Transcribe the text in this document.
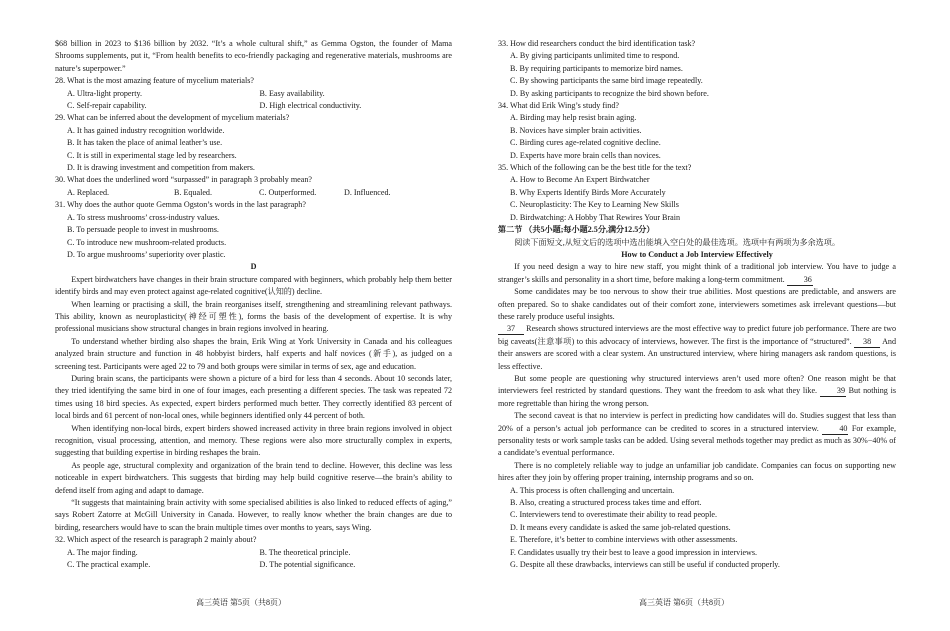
$68 billion in 2023 to $136 billion by 2032. “It’s a whole cultural shift,” as Gemma Ogston, the founder of Mama Shrooms supplements, put it, “From health benefits to eco-friendly packaging and regenerative materials, mushrooms are nature’s superpower.”

28. What is the most amazing feature of mycelium materials?

A. Ultra-light property.	B. Easy availability.
C. Self-repair capability.	D. High electrical conductivity.

29. What can be inferred about the development of mycelium materials?

A. It has gained industry recognition worldwide.

B. It has taken the place of animal leather’s use.

C. It is still in experimental stage led by researchers.

D. It is drawing investment and competition from makers.

30. What does the underlined word “surpassed” in paragraph 3 probably mean?

A. Replaced.	B. Equaled.	C. Outperformed.	D. Influenced.

31. Why does the author quote Gemma Ogston’s words in the last paragraph?

A. To stress mushrooms’ cross-industry values.

B. To persuade people to invest in mushrooms.

C. To introduce new mushroom-related products.

D. To argue mushrooms’ superiority over plastic.

D

Expert birdwatchers have changes in their brain structure compared with beginners, which probably help them better identify birds and may even protect against age-related cognitive(认知的) decline.

When learning or practising a skill, the brain reorganises itself, strengthening and streamlining relevant pathways. This ability, known as neuroplasticity(神经可塑性), forms the basis of the development of expertise. It is why professional musicians show structural changes in brain regions involved in hearing.

To understand whether birding also shapes the brain, Erik Wing at York University in Canada and his colleagues analyzed brain structure and function in 48 hobbyist birders, half experts and half novices (新手), as judged on a screening test. Participants were aged 22 to 79 and both groups were similar in terms of sex, age and education.

During brain scans, the participants were shown a picture of a bird for less than 4 seconds. About 10 seconds later, they tried identifying the same bird in one of four images, each presenting a different species. The task was repeated 72 times using 18 bird species. As expected, expert birders performed much better. They correctly identified 83 percent of local birds and 61 percent of non-local ones, while beginners identified only 44 percent of both.

When identifying non-local birds, expert birders showed increased activity in three brain regions involved in object recognition, visual processing, attention, and memory. These regions were also more structurally complex in experts, suggesting that building expertise in birding reshapes the brain.

As people age, structural complexity and organization of the brain tend to decline. However, this decline was less noticeable in expert birdwatchers. This suggests that birding may help build cognitive reserve—the brain’s ability to defend itself from aging and adapt to damage.

“It suggests that maintaining brain activity with some specialised abilities is also linked to reduced effects of aging,” says Robert Zatorre at McGill University in Canada. However, to really know whether the brain changes are due to birding, researchers would have to scan the brain multiple times over months to years, says Wing.

32. Which aspect of the research is paragraph 2 mainly about?

A. The major finding.	B. The theoretical principle.
C. The practical example.	D. The potential significance.

33. How did researchers conduct the bird identification task?

A. By giving participants unlimited time to respond.

B. By requiring participants to memorize bird names.

C. By showing participants the same bird image repeatedly.

D. By asking participants to recognize the bird shown before.

34. What did Erik Wing’s study find?

A. Birding may help resist brain aging.

B. Novices have simpler brain activities.

C. Birding cures age-related cognitive decline.

D. Experts have more brain cells than novices.

35. Which of the following can be the best title for the text?

A. How to Become An Expert Birdwatcher

B. Why Experts Identify Birds More Accurately

C. Neuroplasticity: The Key to Learning New Skills

D. Birdwatching: A Hobby That Rewires Your Brain

第二节 （共5小题;每小题2.5分,满分12.5分）

阅读下面短文,从短文后的选项中选出能填入空白处的最佳选项。选项中有两项为多余选项。

How to Conduct a Job Interview Effectively

If you need design a way to hire new staff, you might think of a traditional job interview. You have to judge a stranger’s skills and personality in a short time, before making a long-term commitment. 36

Some candidates may be too nervous to show their true abilities. Most questions are predictable, and answers are often prepared. So to shake candidates out of their comfort zone, interviewers sometimes ask irrelevant questions—but these rarely produce useful insights.

37 Research shows structured interviews are the most effective way to predict future job performance. There are two big caveats(注意事项) to this advocacy of interviews, however. The first is the importance of “structured”. 38 And their answers are scored with a clear system. An unstructured interview, where hiring managers ask random questions, is less effective.

But some people are questioning why structured interviews aren’t used more often? One reason might be that interviewers feel restricted by standard questions. They want the freedom to ask what they like. 39 But nothing is more regrettable than hiring the wrong person.

The second caveat is that no interview is perfect in predicting how candidates will do. Studies suggest that less than 20% of a person’s actual job performance can be credited to scores in a structured interview.	40 For example, personality tests or work sample tasks can be added. Using several methods together may predict as much as 30%−40% of a candidate’s eventual performance.

There is no completely reliable way to judge an unfamiliar job candidate. Companies can focus on supporting new hires after they join by offering proper training, internship programs and so on.

A. This process is often challenging and uncertain.

B. Also, creating a structured process takes time and effort.

C. Interviewers tend to overestimate their ability to read people.

D. It means every candidate is asked the same job-related questions.

E. Therefore, it’s better to combine interviews with other assessments.

F. Candidates usually try their best to leave a good impression in interviews.

G. Despite all these drawbacks, interviews can still be useful if conducted properly.

高三英语 第5页（共8页）	高三英语 第6页（共8页）
